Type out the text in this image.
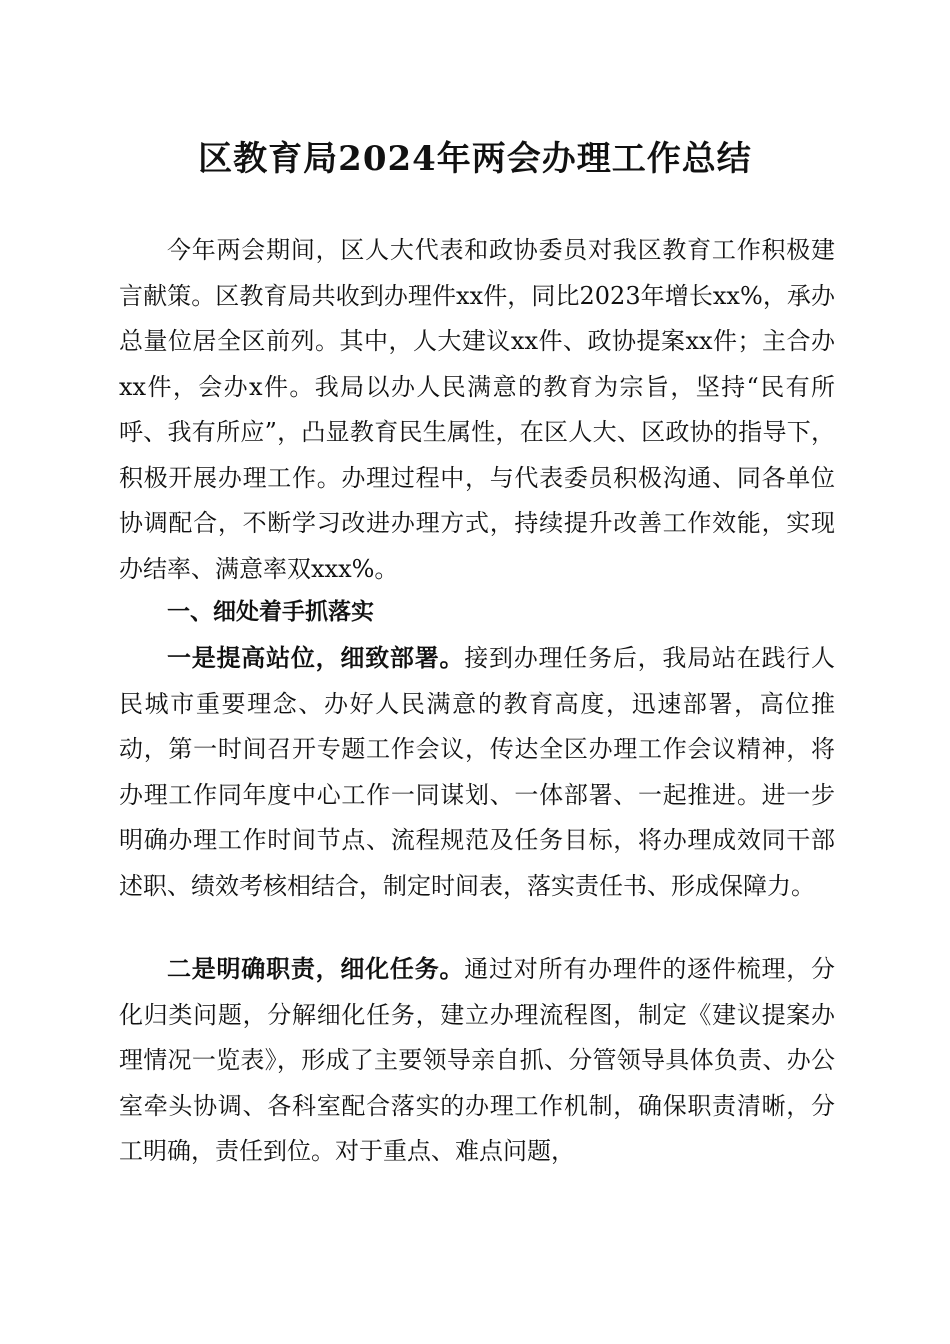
区教育局2024年两会办理工作总结

今年两会期间，区人大代表和政协委员对我区教育工作积极建言献策。区教育局共收到办理件xx件，同比2023年增长xx%，承办总量位居全区前列。其中，人大建议xx件、政协提案xx件；主合办xx件，会办x件。我局以办人民满意的教育为宗旨，坚持“民有所呼、我有所应”，凸显教育民生属性，在区人大、区政协的指导下，积极开展办理工作。办理过程中，与代表委员积极沟通、同各单位协调配合，不断学习改进办理方式，持续提升改善工作效能，实现办结率、满意率双xxx%。

一、细处着手抓落实

一是提高站位，细致部署。接到办理任务后，我局站在践行人民城市重要理念、办好人民满意的教育高度，迅速部署，高位推动，第一时间召开专题工作会议，传达全区办理工作会议精神，将办理工作同年度中心工作一同谋划、一体部署、一起推进。进一步明确办理工作时间节点、流程规范及任务目标，将办理成效同干部述职、绩效考核相结合，制定时间表，落实责任书、形成保障力。

二是明确职责，细化任务。通过对所有办理件的逐件梳理，分化归类问题，分解细化任务，建立办理流程图，制定《建议提案办理情况一览表》，形成了主要领导亲自抓、分管领导具体负责、办公室牵头协调、各科室配合落实的办理工作机制，确保职责清晰，分工明确，责任到位。对于重点、难点问题，
